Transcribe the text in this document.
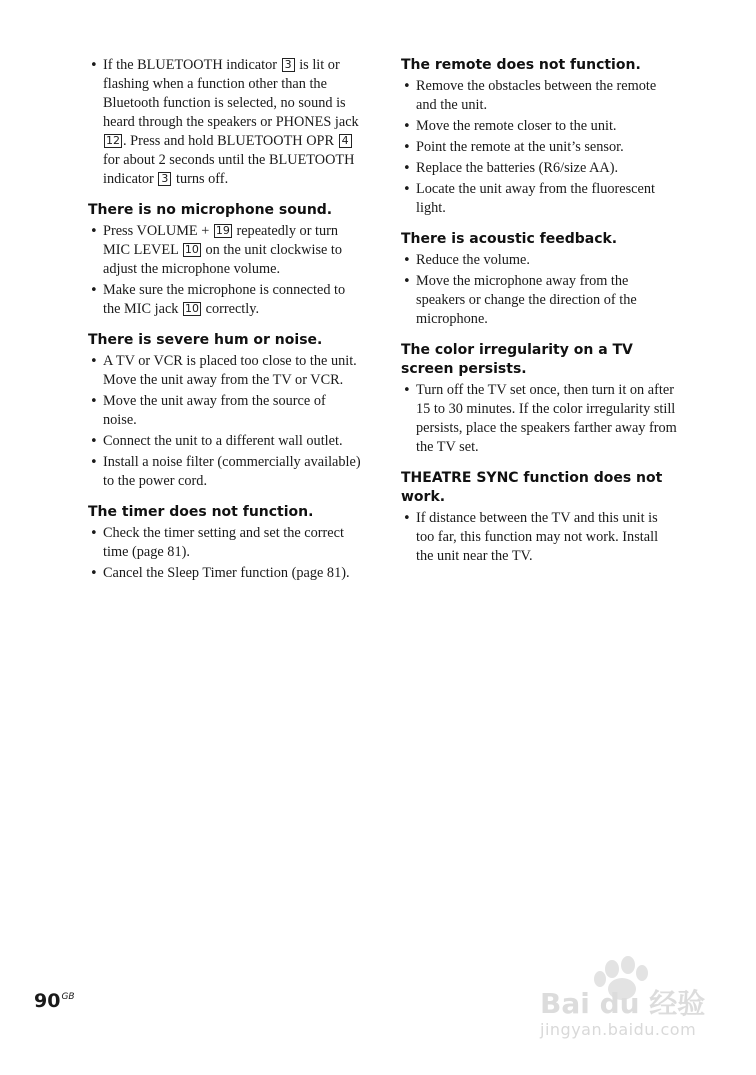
• If the BLUETOOTH indicator 3 is lit or flashing when a function other than the Bluetooth function is selected, no sound is heard through the speakers or PHONES jack 12 . Press and hold BLUETOOTH OPR 4 for about 2 seconds until the BLUETOOTH indicator 3 turns off.
There is no microphone sound.
• Press VOLUME + 19 repeatedly or turn MIC LEVEL 10 on the unit clockwise to adjust the microphone volume.
• Make sure the microphone is connected to the MIC jack 10 correctly.
There is severe hum or noise.
• A TV or VCR is placed too close to the unit. Move the unit away from the TV or VCR.
• Move the unit away from the source of noise.
• Connect the unit to a different wall outlet.
• Install a noise filter (commercially available) to the power cord.
The timer does not function.
• Check the timer setting and set the correct time (page 81).
• Cancel the Sleep Timer function (page 81).
The remote does not function.
• Remove the obstacles between the remote and the unit.
• Move the remote closer to the unit.
• Point the remote at the unit’s sensor.
• Replace the batteries (R6/size AA).
• Locate the unit away from the fluorescent light.
There is acoustic feedback.
• Reduce the volume.
• Move the microphone away from the speakers or change the direction of the microphone.
The color irregularity on a TV screen persists.
• Turn off the TV set once, then turn it on after 15 to 30 minutes. If the color irregularity still persists, place the speakers farther away from the TV set.
THEATRE SYNC function does not work.
• If distance between the TV and this unit is too far, this function may not work. Install the unit near the TV.
$90^{GB}$	Bai du 经验
jingyan.baidu.com
